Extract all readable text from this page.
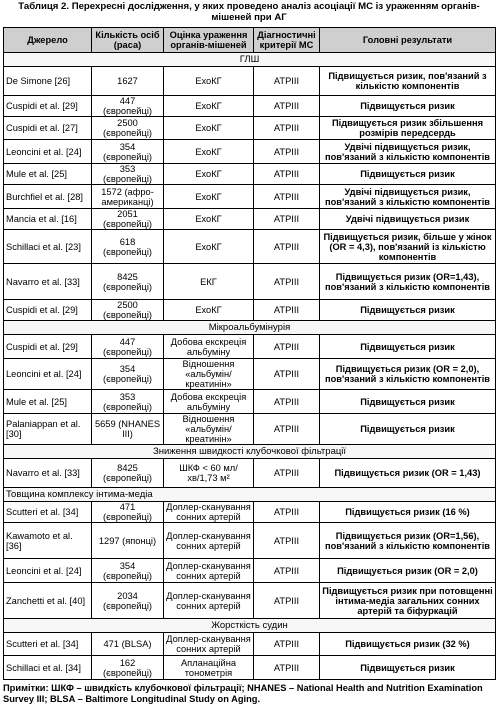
Таблиця 2. Перехресні дослідження, у яких проведено аналіз асоціації МС із ураженням органів-мішеней при АГ
Джерело	Кількість осіб (раса)	Оцінка ураження органів-мішеней	Діагностичні критерії МС	Головні результати
ГЛШ				
De Simone [26]	1627	ЕхоКГ	ATPIII	Підвищується ризик, пов'язаний з кількістю компонентів
Cuspidi et al. [29]	447 (європейці)	ЕхоКГ	ATPIII	Підвищується ризик
Cuspidi et al. [27]	2500 (європейці)	ЕхоКГ	ATPIII	Підвищується ризик збільшення розмірів передсердь
Leoncini et al. [24]	354 (європейці)	ЕхоКГ	ATPIII	Удвічі підвищується ризик, пов'язаний з кількістю компонентів
Mule et al. [25]	353 (європейці)	ЕхоКГ	ATPIII	Підвищується ризик
Burchfiel et al. [28]	1572 (афро-американці)	ЕхоКГ	ATPIII	Удвічі підвищується ризик, пов'язаний з кількістю компонентів
Mancia et al. [16]	2051 (європейці)	ЕхоКГ	ATPIII	Удвічі підвищується ризик
Schillaci et al. [23]	618 (європейці)	ЕхоКГ	ATPIII	Підвищується ризик, більше у жінок (OR = 4,3), пов'язаний із кількістю компонентів
Navarro et al. [33]	8425 (європейці)	ЕКГ	ATPIII	Підвищується ризик (OR=1,43), пов'язаний з кількістю компонентів
Cuspidi et al. [29]	2500 (європейці)	ЕхоКГ	ATPIII	Підвищується ризик
Мікроальбумінурія				
Cuspidi et al. [29]	447 (європейці)	Добова екскреція альбуміну	ATPIII	Підвищується ризик
Leoncini et al. [24]	354 (європейці)	Відношення «альбумін/креатинін»	ATPIII	Підвищується ризик (OR = 2,0), пов'язаний з кількістю компонентів
Mule et al. [25]	353 (європейці)	Добова екскреція альбуміну	ATPIII	Підвищується ризик
Palaniappan et al. [30]	5659 (NHANES III)	Відношення «альбумін/креатинін»	ATPIII	Підвищується ризик
Зниження швидкості клубочкової фільтрації				
Navarro et al. [33]	8425 (європейці)	ШКФ < 60 мл/хв/1,73 м²	ATPIII	Підвищується ризик (OR = 1,43)
Товщина комплексу інтима-медіа				
Scutteri et al. [34]	471 (європейці)	Доплер-сканування сонних артерій	ATPIII	Підвищується ризик (16 %)
Kawamoto et al. [36]	1297 (японці)	Доплер-сканування сонних артерій	ATPIII	Підвищується ризик (OR=1,56), пов'язаний з кількістю компонентів
Leoncini et al. [24]	354 (європейці)	Доплер-сканування сонних артерій	ATPIII	Підвищується ризик (OR = 2,0)
Zanchetti et al. [40]	2034 (європейці)	Доплер-сканування сонних артерій	ATPIII	Підвищується ризик при потовщенні інтима-медіа загальних сонних артерій та біфуркацій
Жорсткість судин				
Scutteri et al. [34]	471 (BLSA)	Доплер-сканування сонних артерій	ATPIII	Підвищується ризик (32 %)
Schillaci et al. [34]	162 (європейці)	Апланаційна тонометрія	ATPIII	Підвищується ризик
Примітки: ШКФ – швидкість клубочкової фільтрації; NHANES – National Health and Nutrition Examination Survey III; BLSA – Baltimore Longitudinal Study on Aging.
